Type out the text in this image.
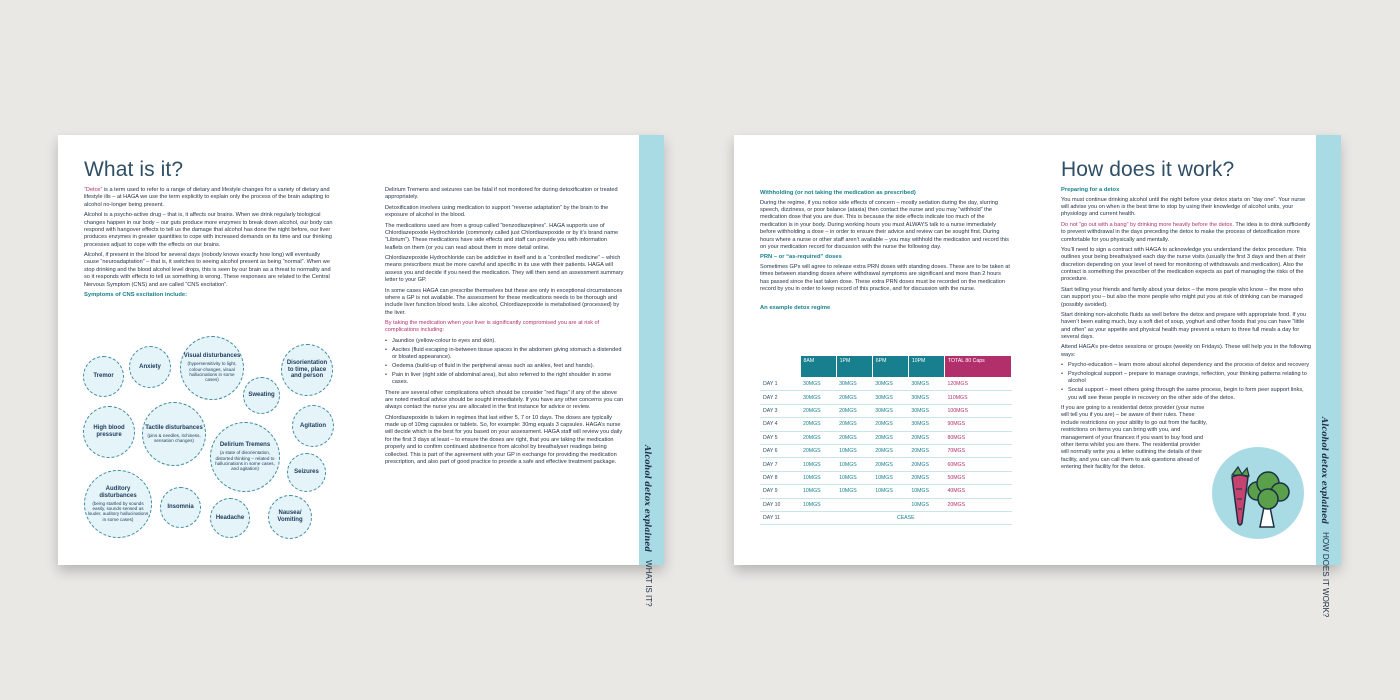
What is it?

“Detox” is a term used to refer to a range of dietary and lifestyle changes for a variety of dietary and lifestyle ills – at HAGA we use the term explicitly to explain only the process of the brain adapting to alcohol no-longer being present.

Alcohol is a psycho-active drug – that is, it affects our brains. When we drink regularly biological changes happen in our body – our guts produce more enzymes to break down alcohol, our body can respond with hangover effects to tell us the damage that alcohol has done the night before, our liver produces enzymes in greater quantities to cope with increased demands on its time and our thinking processes adjust to cope with the effects on our brains.

Alcohol, if present in the blood for several days (nobody knows exactly how long) will eventually cause “neuroadaptation” – that is, it switches to seeing alcohol present as being “normal”. When we stop drinking and the blood alcohol level drops, this is seen by our brain as a threat to normality and so it responds with effects to tell us something is wrong. These responses are related to the Central Nervous Symptom (CNS) and are called “CNS excitation”.

Symptoms of CNS excitation include:
Tremor
Anxiety
Visual disturbances
(hypersensitivity to light, colour-changes, visual hallucinations in some cases)
Disorientation to time, place and person
Sweating
High blood pressure
Tactile disturbances
(pins & needles, itchiness, sensation changes)
Agitation
Delirium Tremens
(a state of disorientation, distorted thinking – related to hallucinations in some cases, and agitation)
Seizures
Auditory disturbances
(being startled by sounds easily, sounds sensed as louder, auditory hallucinations in some cases)
Insomnia
Headache
Nausea/ Vomiting

Delirium Tremens and seizures can be fatal if not monitored for during detoxification or treated appropriately.

Detoxification involves using medication to support “reverse adaptation” by the brain to the exposure of alcohol in the blood.

The medications used are from a group called “benzodiazepines”. HAGA supports use of Chlordiazepoxide Hydrochloride (commonly called just Chlordiazepoxide or by it’s brand name “Librium”). These medications have side effects and staff can provide you with information leaflets on them (or you can read about them in more detail online.

Chlordiazepoxide Hydrochloride can be addictive in itself and is a “controlled medicine” – which means prescribers must be more careful and specific in its use with their patients. HAGA will assess you and decide if you need the medication. They will then send an assessment summary letter to your GP.

In some cases HAGA can prescribe themselves but these are only in exceptional circumstances where a GP is not available. The assessment for these medications needs to be thorough and include liver function blood tests. Like alcohol, Chlordiazepoxide is metabolised (processed) by the liver.

By taking the medication when your liver is significantly compromised you are at risk of complications including:

• Jaundice (yellow-colour to eyes and skin).
• Ascites (fluid escaping in-between tissue spaces in the abdomen giving stomach a distended or bloated appearance).
• Oedema (build-up of fluid in the peripheral areas such as ankles, feet and hands).
• Pain in liver (right side of abdominal area), but also referred to the right shoulder in some cases.

There are several other complications which should be consider “red flags” if any of the above are noted medical advice should be sought immediately. If you have any other concerns you can always contact the nurse you are allocated in the first instance for advice or review.

Chlordiazepoxide is taken in regimes that last either 5, 7 or 10 days. The doses are typically made up of 10mg capsules or tablets. So, for example: 30mg equals 3 capsules. HAGA’s nurse will decide which is the best for you based on your assessment. HAGA staff will review you daily for the first 3 days at least – to ensure the doses are right, that you are taking the medication properly and to confirm continued abstinence from alcohol by breathalyser readings being collected. This is part of the agreement with your GP in exchange for providing the medication prescription, and also part of good practice to provide a safe and effective treatment package.	Alcohol detox explained WHAT IS IT?
Withholding (or not taking the medication as prescribed)

During the regime, if you notice side effects of concern – mostly sedation during the day, slurring speech, dizziness, or poor balance (ataxia) then contact the nurse and you may “withhold” the medication dose that you are due. This is because the side effects indicate too much of the medication is in your body. During working hours you must ALWAYS talk to a nurse immediately before withholding a dose – in order to ensure their advice and review can be sought first. During hours where a nurse or other staff aren’t available – you may withhold the medication and record this on your medication record for discussion with the nurse the following day.

PRN – or “as-required” doses

Sometimes GPs will agree to release extra PRN doses with standing doses. These are to be taken at times between standing doses where withdrawal symptoms are significant and more than 2 hours has passed since the last taken dose. These extra PRN doses must be recorded on the medication record by you in order to keep record of this practice, and for discussion with the nurse.

An example detox regime
	8AM	1PM	6PM	10PM	TOTAL 80 Caps
DAY 1	30MGS	30MGS	30MGS	30MGS	120MGS
DAY 2	30MGS	20MGS	30MGS	30MGS	110MGS
DAY 3	20MGS	20MGS	30MGS	30MGS	100MGS
DAY 4	20MGS	20MGS	20MGS	30MGS	90MGS
DAY 5	20MGS	20MGS	20MGS	20MGS	80MGS
DAY 6	20MGS	10MGS	20MGS	20MGS	70MGS
DAY 7	10MGS	10MGS	20MGS	20MGS	60MGS
DAY 8	10MGS	10MGS	10MGS	20MGS	50MGS
DAY 9	10MGS	10MGS	10MGS	10MGS	40MGS
DAY 10	10MGS			10MGS	20MGS
DAY 11	CEASE				
How does it work?
Preparing for a detox

You must continue drinking alcohol until the night before your detox starts on “day one”. Your nurse will advise you on when is the best time to stop by using their knowledge of alcohol units, your physiology and current health.

Do not “go out with a bang” by drinking more heavily before the detox. The idea is to drink sufficiently to prevent withdrawal in the days preceding the detox to make the process of detoxification more comfortable for you physically and mentally.

You’ll need to sign a contract with HAGA to acknowledge you understand the detox procedure. This outlines your being breathalysed each day the nurse visits (usually the first 3 days and then at their discretion depending on your level of need for monitoring of withdrawals and medication). Also the contract is something the prescriber of the medication expects as part of managing the risks of the procedure.

Start telling your friends and family about your detox – the more people who know – the more who can support you – but also the more people who might put you at risk of drinking can be managed (possibly avoided).

Start drinking non-alcoholic fluids as well before the detox and prepare with appropriate food. If you haven’t been eating much, buy a soft diet of soup, yoghurt and other foods that you can have “little and often” as your appetite and physical health may prevent a return to three full meals a day for several days.

Attend HAGA’s pre-detox sessions or groups (weekly on Fridays). These will help you in the following ways:

• Psycho-education – learn more about alcohol dependency and the process of detox and recovery
• Psychological support – prepare to manage cravings, reflection, your thinking patterns relating to alcohol
• Social support – meet others going through the same process, begin to form peer support links, you will see these people in recovery on the other side of the detox.

If you are going to a residential detox provider (your nurse will tell you if you are) – be aware of their rules. These include restrictions on your ability to go out from the facility, restrictions on items you can bring with you, and management of your finances if you want to buy food and other items whilst you are there. The residential provider will normally write you a letter outlining the details of their facility, and you can call them to ask questions ahead of entering their facility for the detox.	Alcohol detox explained HOW DOES IT WORK?
